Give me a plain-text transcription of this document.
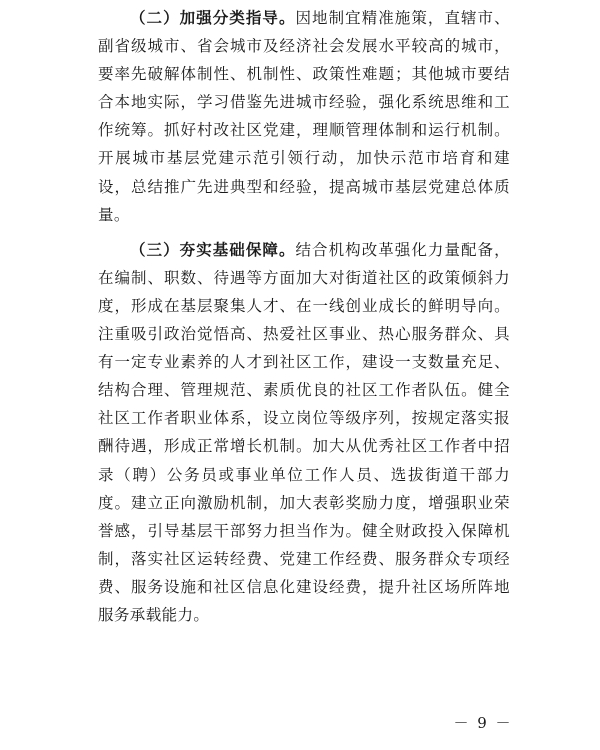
（二）加强分类指导。因地制宜精准施策，直辖市、副省级城市、省会城市及经济社会发展水平较高的城市，要率先破解体制性、机制性、政策性难题；其他城市要结合本地实际，学习借鉴先进城市经验，强化系统思维和工作统筹。抓好村改社区党建，理顺管理体制和运行机制。开展城市基层党建示范引领行动，加快示范市培育和建设，总结推广先进典型和经验，提高城市基层党建总体质量。

（三）夯实基础保障。结合机构改革强化力量配备，在编制、职数、待遇等方面加大对街道社区的政策倾斜力度，形成在基层聚集人才、在一线创业成长的鲜明导向。注重吸引政治觉悟高、热爱社区事业、热心服务群众、具有一定专业素养的人才到社区工作，建设一支数量充足、结构合理、管理规范、素质优良的社区工作者队伍。健全社区工作者职业体系，设立岗位等级序列，按规定落实报酬待遇，形成正常增长机制。加大从优秀社区工作者中招录（聘）公务员或事业单位工作人员、选拔街道干部力度。建立正向激励机制，加大表彰奖励力度，增强职业荣誉感，引导基层干部努力担当作为。健全财政投入保障机制，落实社区运转经费、党建工作经费、服务群众专项经费、服务设施和社区信息化建设经费，提升社区场所阵地服务承载能力。

－ 9 －
